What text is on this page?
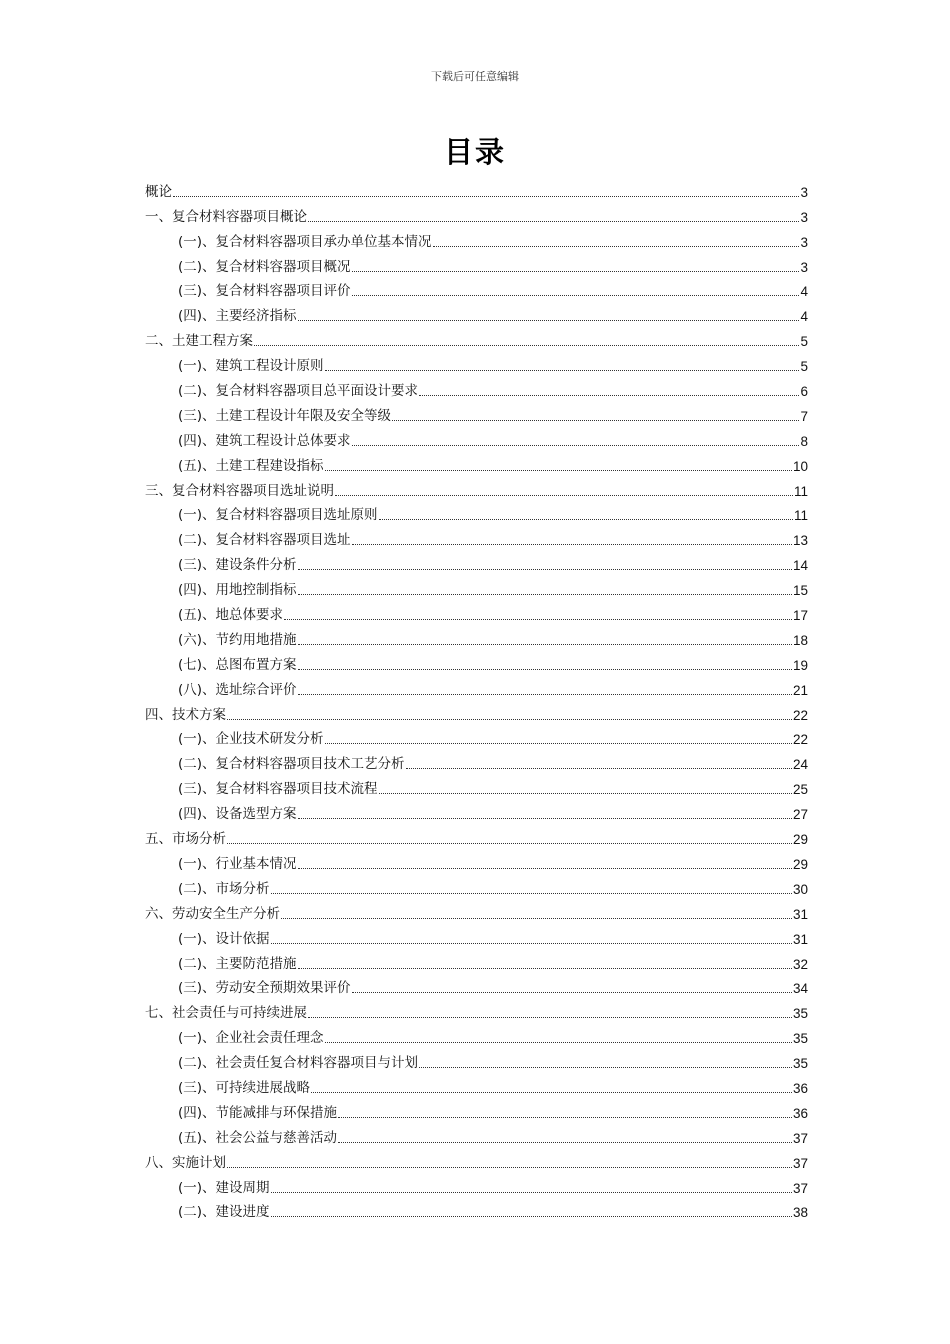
下载后可任意编辑
目录
概论	3
一、复合材料容器项目概论	3
(一)、复合材料容器项目承办单位基本情况	3
(二)、复合材料容器项目概况	3
(三)、复合材料容器项目评价	4
(四)、主要经济指标	4
二、土建工程方案	5
(一)、建筑工程设计原则	5
(二)、复合材料容器项目总平面设计要求	6
(三)、土建工程设计年限及安全等级	7
(四)、建筑工程设计总体要求	8
(五)、土建工程建设指标	10
三、复合材料容器项目选址说明	11
(一)、复合材料容器项目选址原则	11
(二)、复合材料容器项目选址	13
(三)、建设条件分析	14
(四)、用地控制指标	15
(五)、地总体要求	17
(六)、节约用地措施	18
(七)、总图布置方案	19
(八)、选址综合评价	21
四、技术方案	22
(一)、企业技术研发分析	22
(二)、复合材料容器项目技术工艺分析	24
(三)、复合材料容器项目技术流程	25
(四)、设备选型方案	27
五、市场分析	29
(一)、行业基本情况	29
(二)、市场分析	30
六、劳动安全生产分析	31
(一)、设计依据	31
(二)、主要防范措施	32
(三)、劳动安全预期效果评价	34
七、社会责任与可持续进展	35
(一)、企业社会责任理念	35
(二)、社会责任复合材料容器项目与计划	35
(三)、可持续进展战略	36
(四)、节能减排与环保措施	36
(五)、社会公益与慈善活动	37
八、实施计划	37
(一)、建设周期	37
(二)、建设进度	38
